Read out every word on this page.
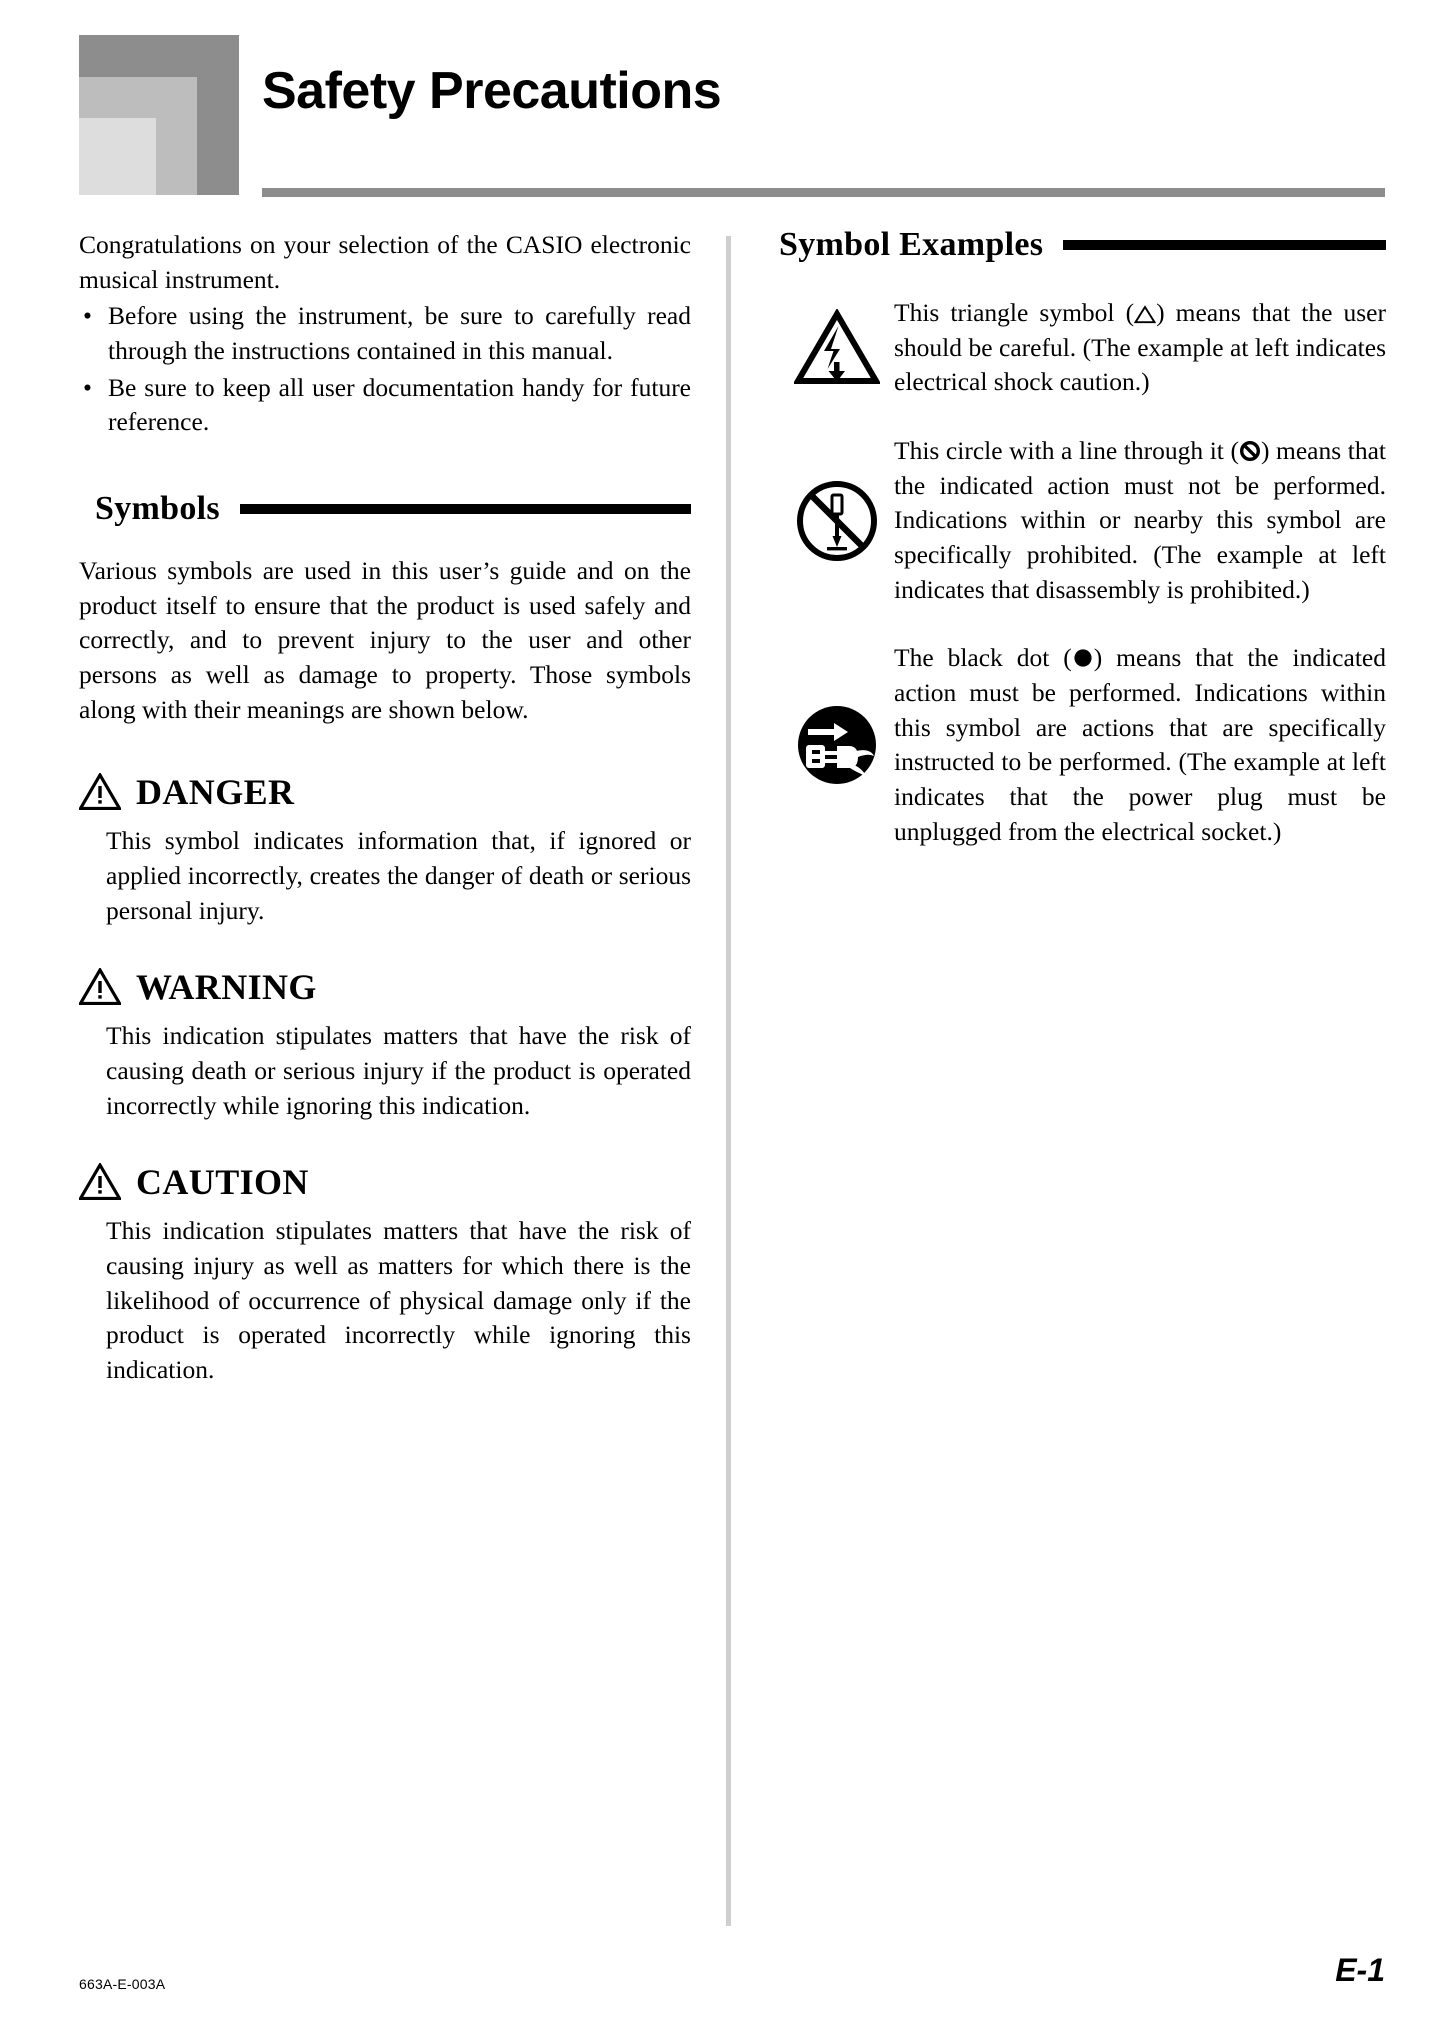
Safety Precautions

Congratulations on your selection of the CASIO electronic musical instrument.

• Before using the instrument, be sure to carefully read through the instructions contained in this manual.
• Be sure to keep all user documentation handy for future reference.
Symbols

Various symbols are used in this user’s guide and on the product itself to ensure that the product is used safely and correctly, and to prevent injury to the user and other persons as well as damage to property. Those symbols along with their meanings are shown below.

DANGER

This symbol indicates information that, if ignored or applied incorrectly, creates the danger of death or serious personal injury.

WARNING

This indication stipulates matters that have the risk of causing death or serious injury if the product is operated incorrectly while ignoring this indication.

CAUTION

This indication stipulates matters that have the risk of causing injury as well as matters for which there is the likelihood of occurrence of physical damage only if the product is operated incorrectly while ignoring this indication.

Symbol Examples
This triangle symbol ( ) means that the user should be careful. (The example at left indicates electrical shock caution.)
This circle with a line through it ( ) means that the indicated action must not be performed. Indications within or nearby this symbol are specifically prohibited. (The example at left indicates that disassembly is prohibited.)
The black dot ( ) means that the indicated action must be performed. Indications within this symbol are actions that are specifically instructed to be performed. (The example at left indicates that the power plug must be unplugged from the electrical socket.)
663A-E-003A	E-1
